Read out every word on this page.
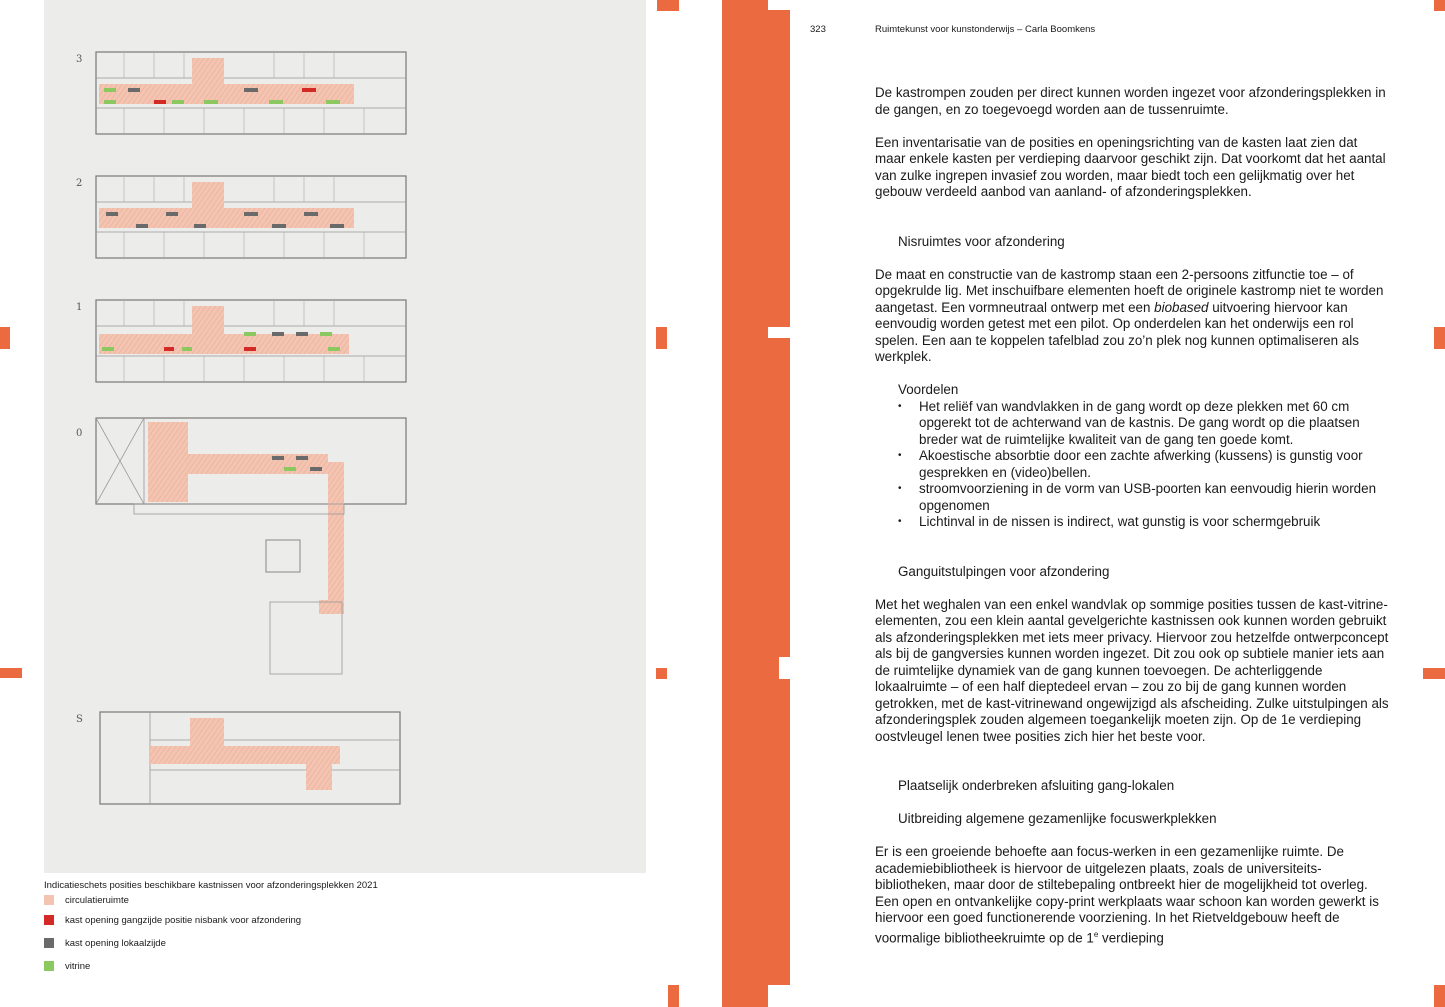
3
2
1
0
S
Indicatieschets posities beschikbare kastnissen voor afzonderingsplekken 2021
circulatieruimte
kast opening gangzijde positie nisbank voor afzondering
kast opening lokaalzijde
vitrine
323	Ruimtekunst voor kunstonderwijs – Carla Boomkens

De kastrompen zouden per direct kunnen worden ingezet voor afzonderingsplekken in de gangen, en zo toegevoegd worden aan de tussenruimte.

Een inventarisatie van de posities en openingsrichting van de kasten laat zien dat maar enkele kasten per verdieping daarvoor geschikt zijn. Dat voorkomt dat het aantal van zulke ingrepen invasief zou worden, maar biedt toch een gelijkmatig over het gebouw verdeeld aanbod van aanland- of afzonderingsplekken.

Nisruimtes voor afzondering

De maat en constructie van de kastromp staan een 2-persoons zitfunctie toe – of opgekrulde lig. Met inschuifbare elementen hoeft de originele kastromp niet te worden aangetast. Een vormneutraal ontwerp met een biobased uitvoering hiervoor kan eenvoudig worden getest met een pilot. Op onderdelen kan het onderwijs een rol spelen. Een aan te koppelen tafelblad zou zo’n plek nog kunnen optimaliseren als werkplek.

Voordelen

• Het reliëf van wandvlakken in de gang wordt op deze plekken met 60 cm opgerekt tot de achterwand van de kastnis. De gang wordt op die plaatsen breder wat de ruimtelijke kwaliteit van de gang ten goede komt.
• Akoestische absorbtie door een zachte afwerking (kussens) is gunstig voor gesprekken en (video)bellen.
• stroomvoorziening in de vorm van USB-poorten kan eenvoudig hierin worden opgenomen
• Lichtinval in de nissen is indirect, wat gunstig is voor schermgebruik
Ganguitstulpingen voor afzondering

Met het weghalen van een enkel wandvlak op sommige posities tussen de kast-vitrine-elementen, zou een klein aantal gevelgerichte kastnissen ook kunnen worden gebruikt als afzonderingsplekken met iets meer privacy. Hiervoor zou hetzelfde ontwerpconcept als bij de gangversies kunnen worden ingezet. Dit zou ook op subtiele manier iets aan de ruimtelijke dynamiek van de gang kunnen toevoegen. De achterliggende lokaalruimte – of een half dieptedeel ervan – zou zo bij de gang kunnen worden getrokken, met de kast-vitrinewand ongewijzigd als afscheiding. Zulke uitstulpingen als afzonderingsplek zouden algemeen toegankelijk moeten zijn. Op de 1e verdieping oostvleugel lenen twee posities zich hier het beste voor.

Plaatselijk onderbreken afsluiting gang-lokalen
Uitbreiding algemene gezamenlijke focuswerkplekken

Er is een groeiende behoefte aan focus-werken in een gezamenlijke ruimte. De academiebibliotheek is hiervoor de uitgelezen plaats, zoals de universiteitsbibliotheken, maar door de stiltebepaling ontbreekt hier de mogelijkheid tot overleg. Een open en ontvankelijke copy-print werkplaats waar schoon kan worden gewerkt is hiervoor een goed functionerende voorziening. In het Rietveldgebouw heeft de voormalige bibliotheekruimte op de 1e verdieping
